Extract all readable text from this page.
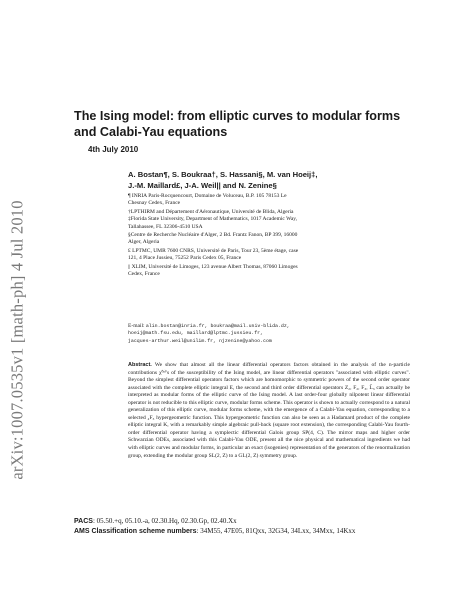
arXiv:1007.0535v1 [math-ph] 4 Jul 2010
The Ising model: from elliptic curves to modular forms and Calabi-Yau equations
4th July 2010
A. Bostan¶, S. Boukraa†, S. Hassani§, M. van Hoeij‡,
J.-M. Maillard£, J-A. Weil|| and N. Zenine§
¶ INRIA Paris-Rocquencourt, Domaine de Voluceau, B.P. 105 78153 Le
Chesnay Cedex, France
†LPTHIRM and Département d'Aéronautique, Université de Blida, Algeria
‡Florida State University, Department of Mathematics, 1017 Academic Way,
Tallahassee, FL 32306-4510 USA
§Centre de Recherche Nucléaire d'Alger, 2 Bd. Frantz Fanon, BP 399, 16000
Alger, Algeria
£ LPTMC, UMR 7600 CNRS, Université de Paris, Tour 23, 5ème étage, case
121, 4 Place Jussieu, 75252 Paris Cedex 05, France
|| XLIM, Université de Limoges, 123 avenue Albert Thomas, 87060 Limoges
Cedex, France
E-mail: alin.bostan@inria.fr, boukraa@mail.univ-blida.dz,
hoeij@math.fsu.edu, maillard@lptmc.jussieu.fr,
jacques-arthur.weil@unilim.fr, njzenine@yahoo.com

Abstract. We show that almost all the linear differential operators factors obtained in the analysis of the n-particle contributions χ̃⁽ⁿ⁾'s of the susceptibility of the Ising model, are linear differential operators "associated with elliptic curves". Beyond the simplest differential operators factors which are homomorphic to symmetric powers of the second order operator associated with the complete elliptic integral E, the second and third order differential operators Z₂, F₂, F₃, L̃₃ can actually be interpreted as modular forms of the elliptic curve of the Ising model. A last order-four globally nilpotent linear differential operator is not reducible to this elliptic curve, modular forms scheme. This operator is shown to actually correspond to a natural generalization of this elliptic curve, modular forms scheme, with the emergence of a Calabi-Yau equation, corresponding to a selected ₄F₃ hypergeometric function. This hypergeometric function can also be seen as a Hadamard product of the complete elliptic integral K, with a remarkably simple algebraic pull-back (square root extension), the corresponding Calabi-Yau fourth-order differential operator having a symplectic differential Galois group SP(4, C). The mirror maps and higher order Schwarzian ODEs, associated with this Calabi-Yau ODE, present all the nice physical and mathematical ingredients we had with elliptic curves and modular forms, in particular an exact (isogenies) representation of the generators of the renormalization group, extending the modular group SL(2, Z) to a GL(2, Z) symmetry group.

PACS: 05.50.+q, 05.10.-a, 02.30.Hq, 02.30.Gp, 02.40.Xx
AMS Classification scheme numbers: 34M55, 47E05, 81Qxx, 32G34, 34Lxx, 34Mxx, 14Kxx
